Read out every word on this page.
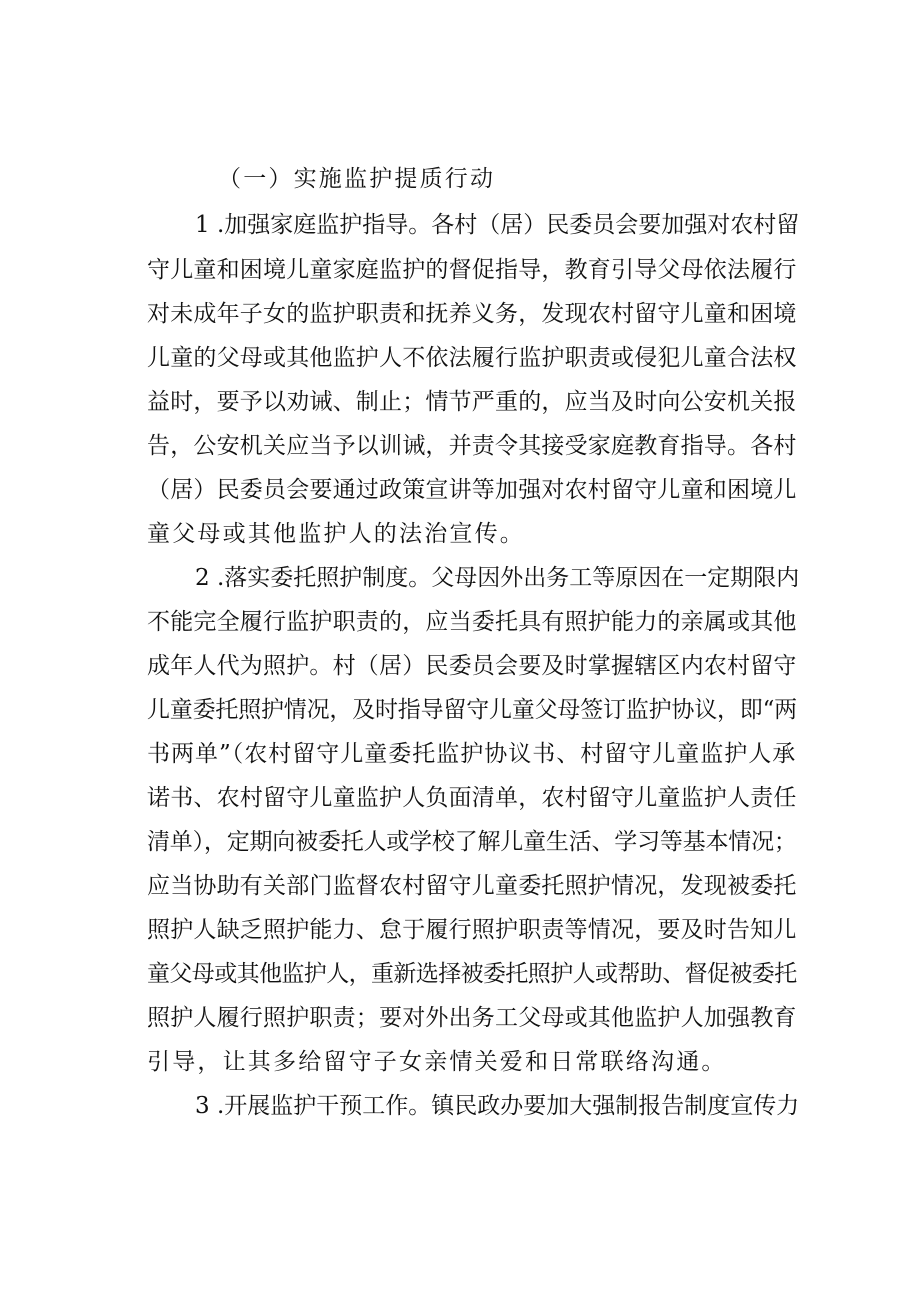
（一）实施监护提质行动
1 .加强家庭监护指导。各村（居）民委员会要加强对农村留
守儿童和困境儿童家庭监护的督促指导，教育引导父母依法履行
对未成年子女的监护职责和抚养义务，发现农村留守儿童和困境
儿童的父母或其他监护人不依法履行监护职责或侵犯儿童合法权
益时，要予以劝诫、制止；情节严重的，应当及时向公安机关报
告，公安机关应当予以训诫，并责令其接受家庭教育指导。各村
（居）民委员会要通过政策宣讲等加强对农村留守儿童和困境儿
童父母或其他监护人的法治宣传。
2 .落实委托照护制度。父母因外出务工等原因在一定期限内
不能完全履行监护职责的，应当委托具有照护能力的亲属或其他
成年人代为照护。村（居）民委员会要及时掌握辖区内农村留守
儿童委托照护情况，及时指导留守儿童父母签订监护协议，即“两
书两单”（农村留守儿童委托监护协议书、村留守儿童监护人承
诺书、农村留守儿童监护人负面清单，农村留守儿童监护人责任
清单），定期向被委托人或学校了解儿童生活、学习等基本情况；
应当协助有关部门监督农村留守儿童委托照护情况，发现被委托
照护人缺乏照护能力、怠于履行照护职责等情况，要及时告知儿
童父母或其他监护人，重新选择被委托照护人或帮助、督促被委托
照护人履行照护职责；要对外出务工父母或其他监护人加强教育
引导，让其多给留守子女亲情关爱和日常联络沟通。
3 .开展监护干预工作。镇民政办要加大强制报告制度宣传力
